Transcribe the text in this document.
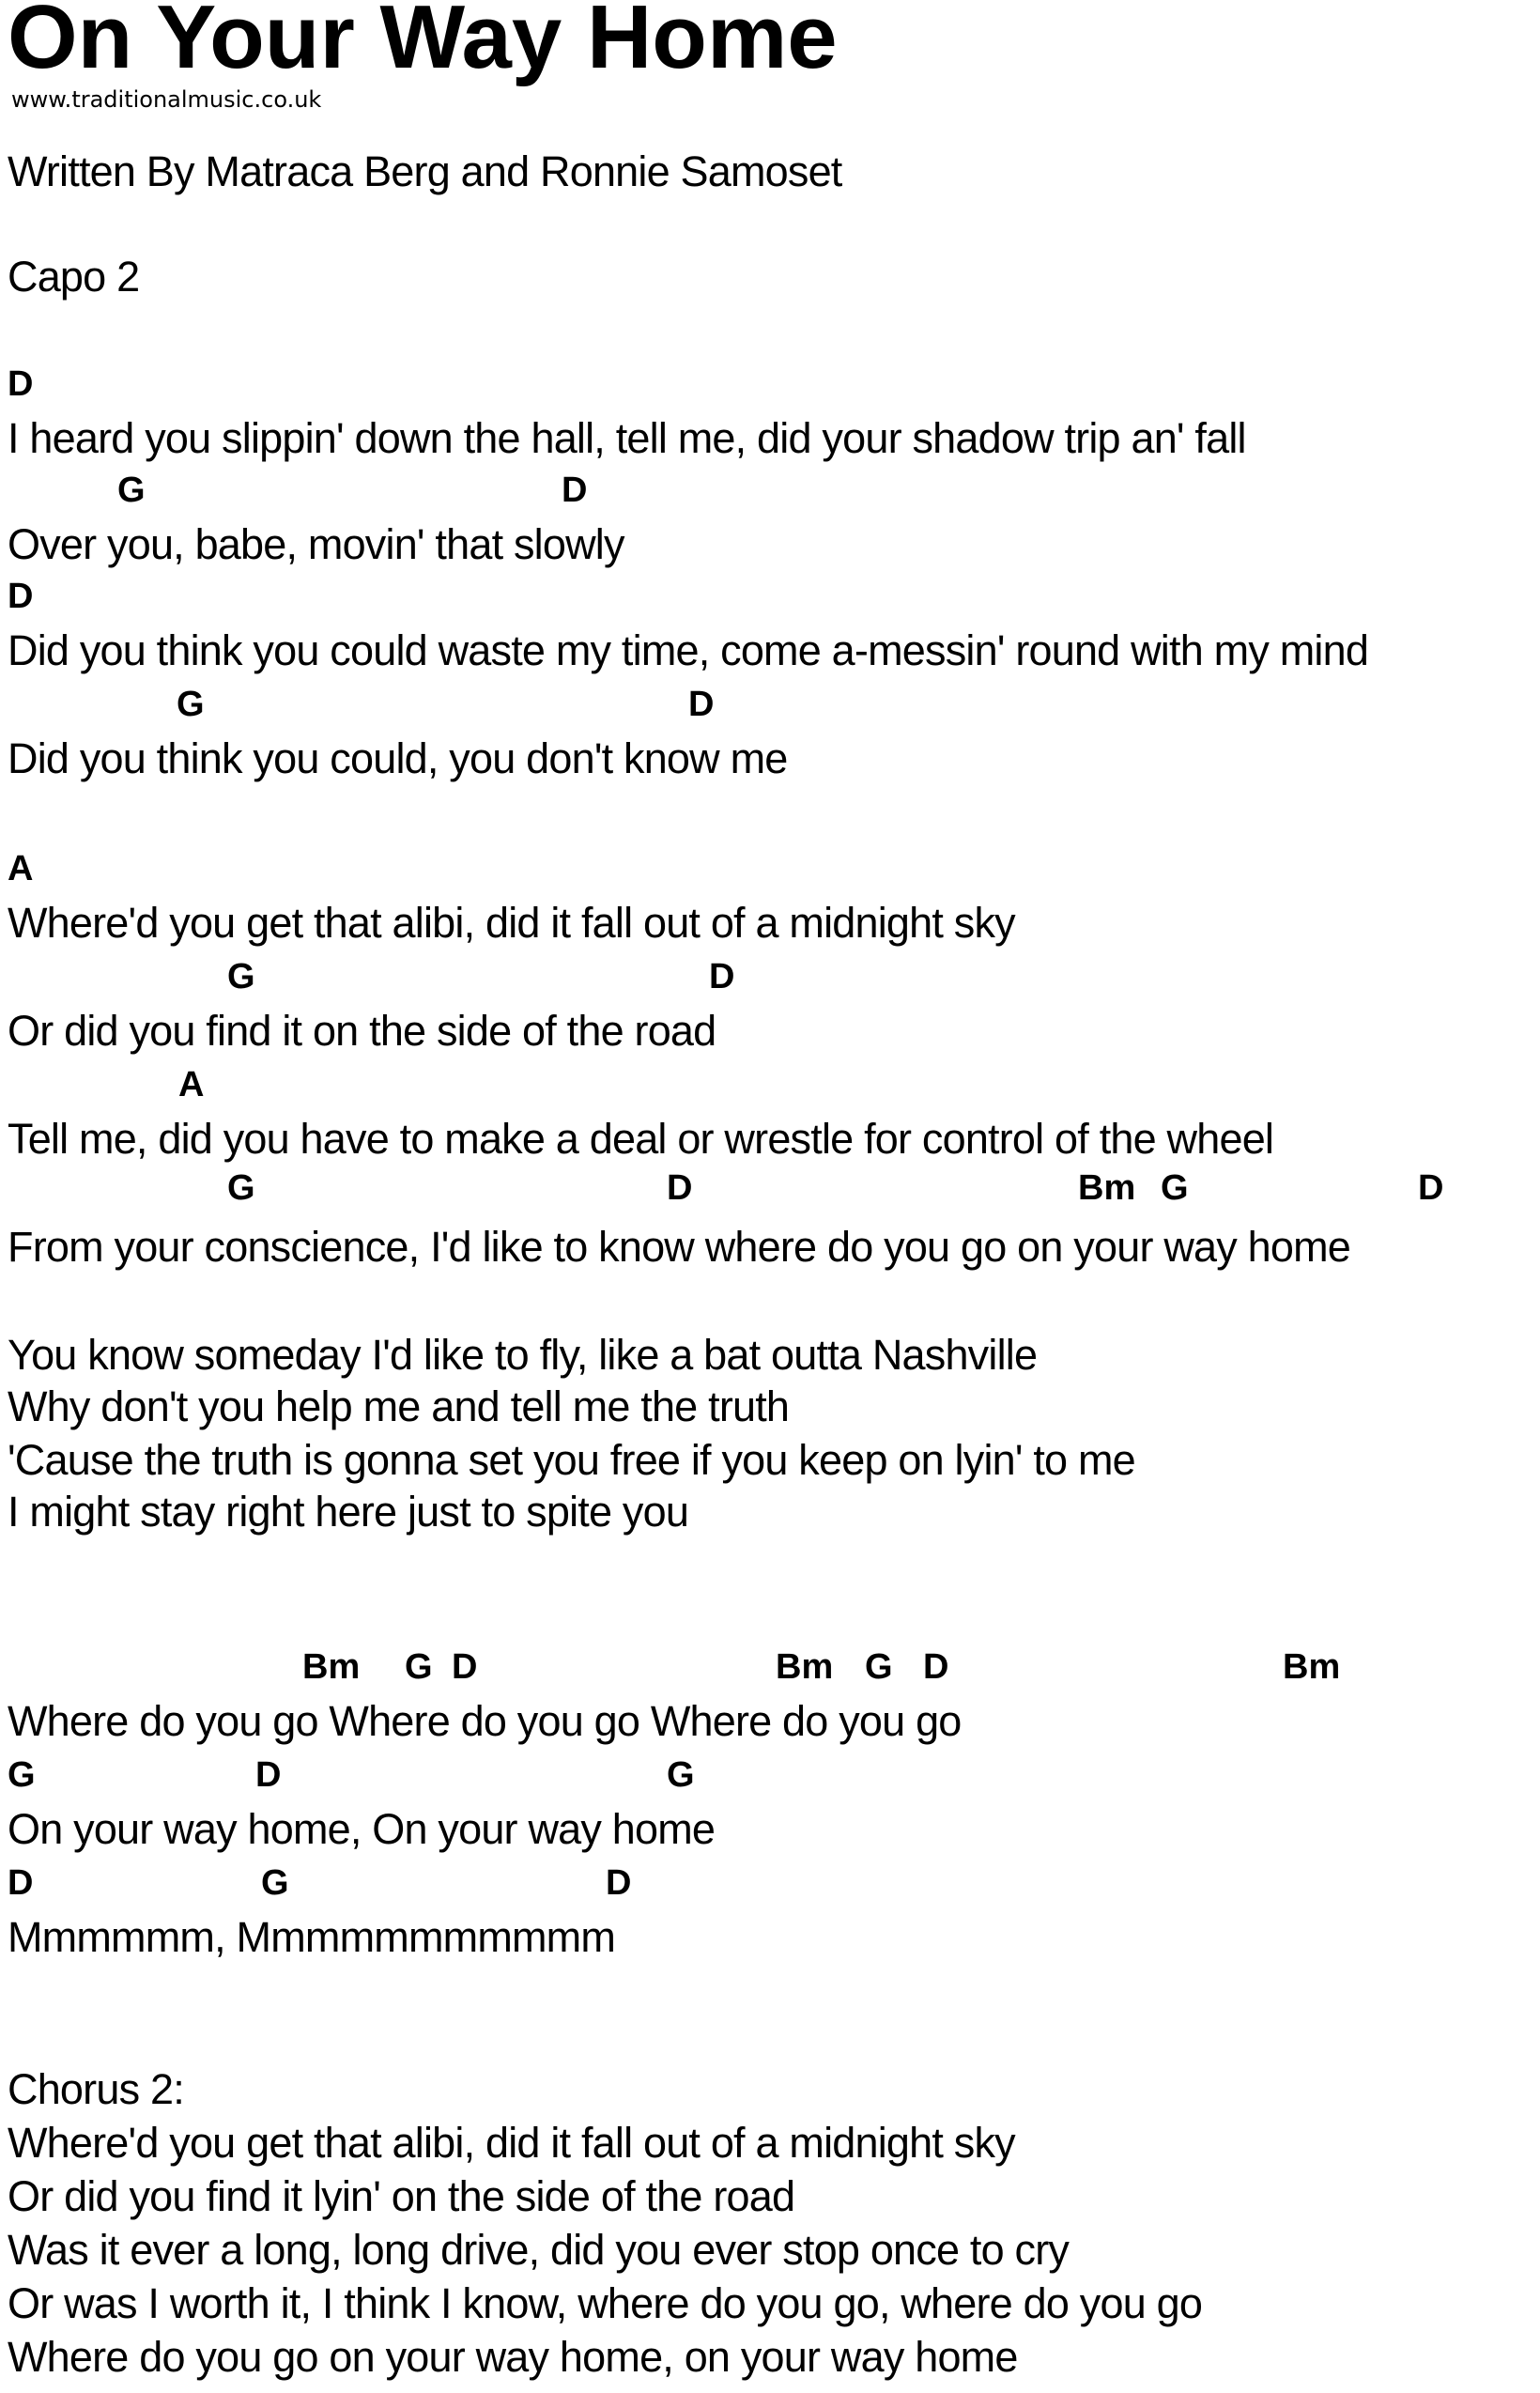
On Your Way Home
www.traditionalmusic.co.uk
Written By Matraca Berg and Ronnie Samoset
Capo 2
D
I heard you slippin' down the hall, tell me, did your shadow trip an' fall
G	D
Over you, babe, movin' that slowly
D
Did you think you could waste my time, come a-messin' round with my mind
G	D
Did you think you could, you don't know me
A
Where'd you get that alibi, did it fall out of a midnight sky
G	D
Or did you find it on the side of the road
A
Tell me, did you have to make a deal or wrestle for control of the wheel
G	D	Bm G	D
From your conscience, I'd like to know where do you go on your way home
You know someday I'd like to fly, like a bat outta Nashville
Why don't you help me and tell me the truth
'Cause the truth is gonna set you free if you keep on lyin' to me
I might stay right here just to spite you
Bm G D	Bm G D	Bm
Where do you go Where do you go Where do you go
G	D	G
On your way home, On your way home
D	G	D
Mmmmmm, Mmmmmmmmmmm
Chorus 2:
Where'd you get that alibi, did it fall out of a midnight sky
Or did you find it lyin' on the side of the road
Was it ever a long, long drive, did you ever stop once to cry
Or was I worth it, I think I know, where do you go, where do you go
Where do you go on your way home, on your way home
